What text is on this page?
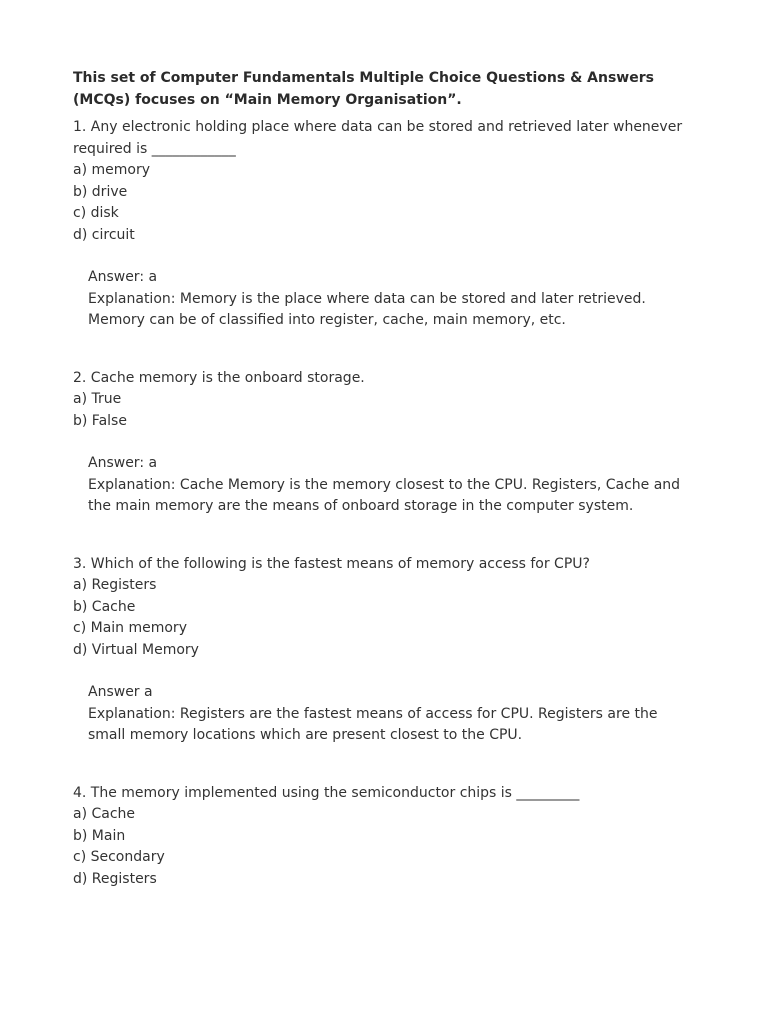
This set of Computer Fundamentals Multiple Choice Questions & Answers (MCQs) focuses on “Main Memory Organisation”.

1. Any electronic holding place where data can be stored and retrieved later whenever required is ____________

a) memory

b) drive

c) disk

d) circuit

Answer: a

Explanation: Memory is the place where data can be stored and later retrieved. Memory can be of classified into register, cache, main memory, etc.

2. Cache memory is the onboard storage.

a) True

b) False

Answer: a

Explanation: Cache Memory is the memory closest to the CPU. Registers, Cache and the main memory are the means of onboard storage in the computer system.

3. Which of the following is the fastest means of memory access for CPU?

a) Registers

b) Cache

c) Main memory

d) Virtual Memory

Answer a

Explanation: Registers are the fastest means of access for CPU. Registers are the small memory locations which are present closest to the CPU.

4. The memory implemented using the semiconductor chips is _________

a) Cache

b) Main

c) Secondary

d) Registers
